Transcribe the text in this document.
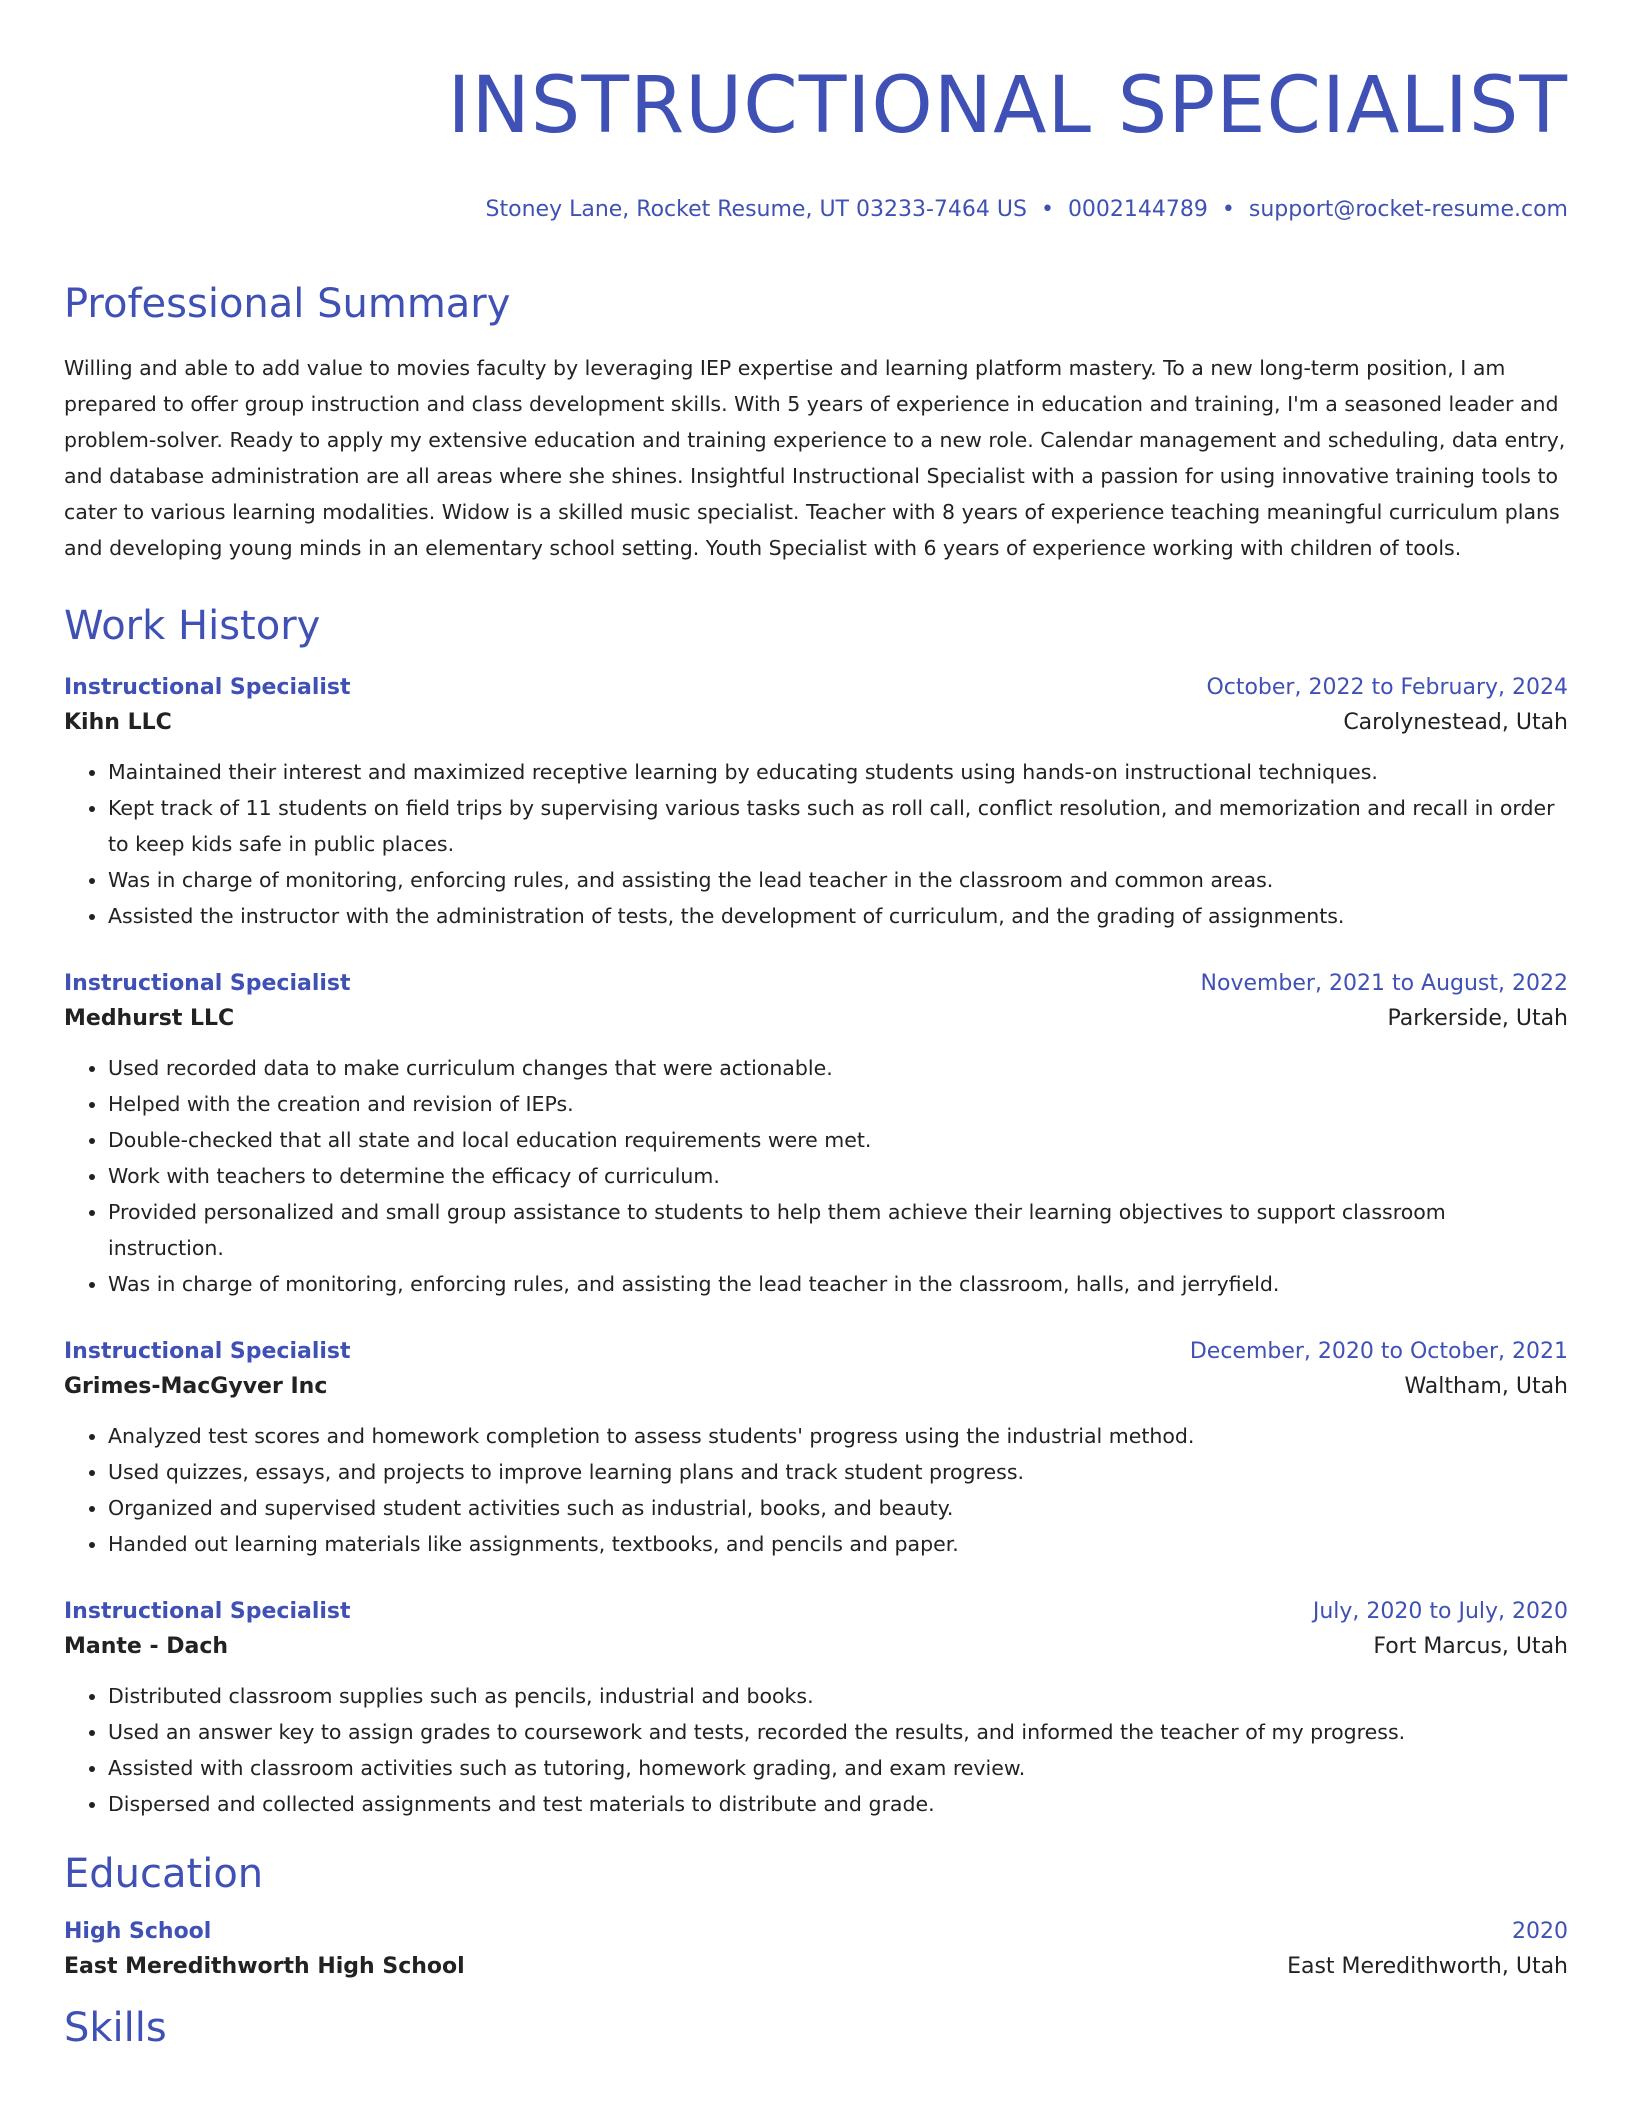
INSTRUCTIONAL SPECIALIST
Stoney Lane, Rocket Resume, UT 03233-7464 US • 0002144789 • support@rocket-resume.com
Professional Summary

Willing and able to add value to movies faculty by leveraging IEP expertise and learning platform mastery. To a new long-term position, I am prepared to offer group instruction and class development skills. With 5 years of experience in education and training, I'm a seasoned leader and problem-solver. Ready to apply my extensive education and training experience to a new role. Calendar management and scheduling, data entry, and database administration are all areas where she shines. Insightful Instructional Specialist with a passion for using innovative training tools to cater to various learning modalities. Widow is a skilled music specialist. Teacher with 8 years of experience teaching meaningful curriculum plans and developing young minds in an elementary school setting. Youth Specialist with 6 years of experience working with children of tools.

Work History
Instructional Specialist	October, 2022 to February, 2024
Kihn LLC	Carolynestead, Utah
• Maintained their interest and maximized receptive learning by educating students using hands-on instructional techniques.
• Kept track of 11 students on field trips by supervising various tasks such as roll call, conflict resolution, and memorization and recall in order to keep kids safe in public places.
• Was in charge of monitoring, enforcing rules, and assisting the lead teacher in the classroom and common areas.
• Assisted the instructor with the administration of tests, the development of curriculum, and the grading of assignments.
Instructional Specialist	November, 2021 to August, 2022
Medhurst LLC	Parkerside, Utah
• Used recorded data to make curriculum changes that were actionable.
• Helped with the creation and revision of IEPs.
• Double-checked that all state and local education requirements were met.
• Work with teachers to determine the efficacy of curriculum.
• Provided personalized and small group assistance to students to help them achieve their learning objectives to support classroom instruction.
• Was in charge of monitoring, enforcing rules, and assisting the lead teacher in the classroom, halls, and jerryfield.
Instructional Specialist	December, 2020 to October, 2021
Grimes-MacGyver Inc	Waltham, Utah
• Analyzed test scores and homework completion to assess students' progress using the industrial method.
• Used quizzes, essays, and projects to improve learning plans and track student progress.
• Organized and supervised student activities such as industrial, books, and beauty.
• Handed out learning materials like assignments, textbooks, and pencils and paper.
Instructional Specialist	July, 2020 to July, 2020
Mante - Dach	Fort Marcus, Utah
• Distributed classroom supplies such as pencils, industrial and books.
• Used an answer key to assign grades to coursework and tests, recorded the results, and informed the teacher of my progress.
• Assisted with classroom activities such as tutoring, homework grading, and exam review.
• Dispersed and collected assignments and test materials to distribute and grade.
Education
High School	2020
East Meredithworth High School	East Meredithworth, Utah
Skills
